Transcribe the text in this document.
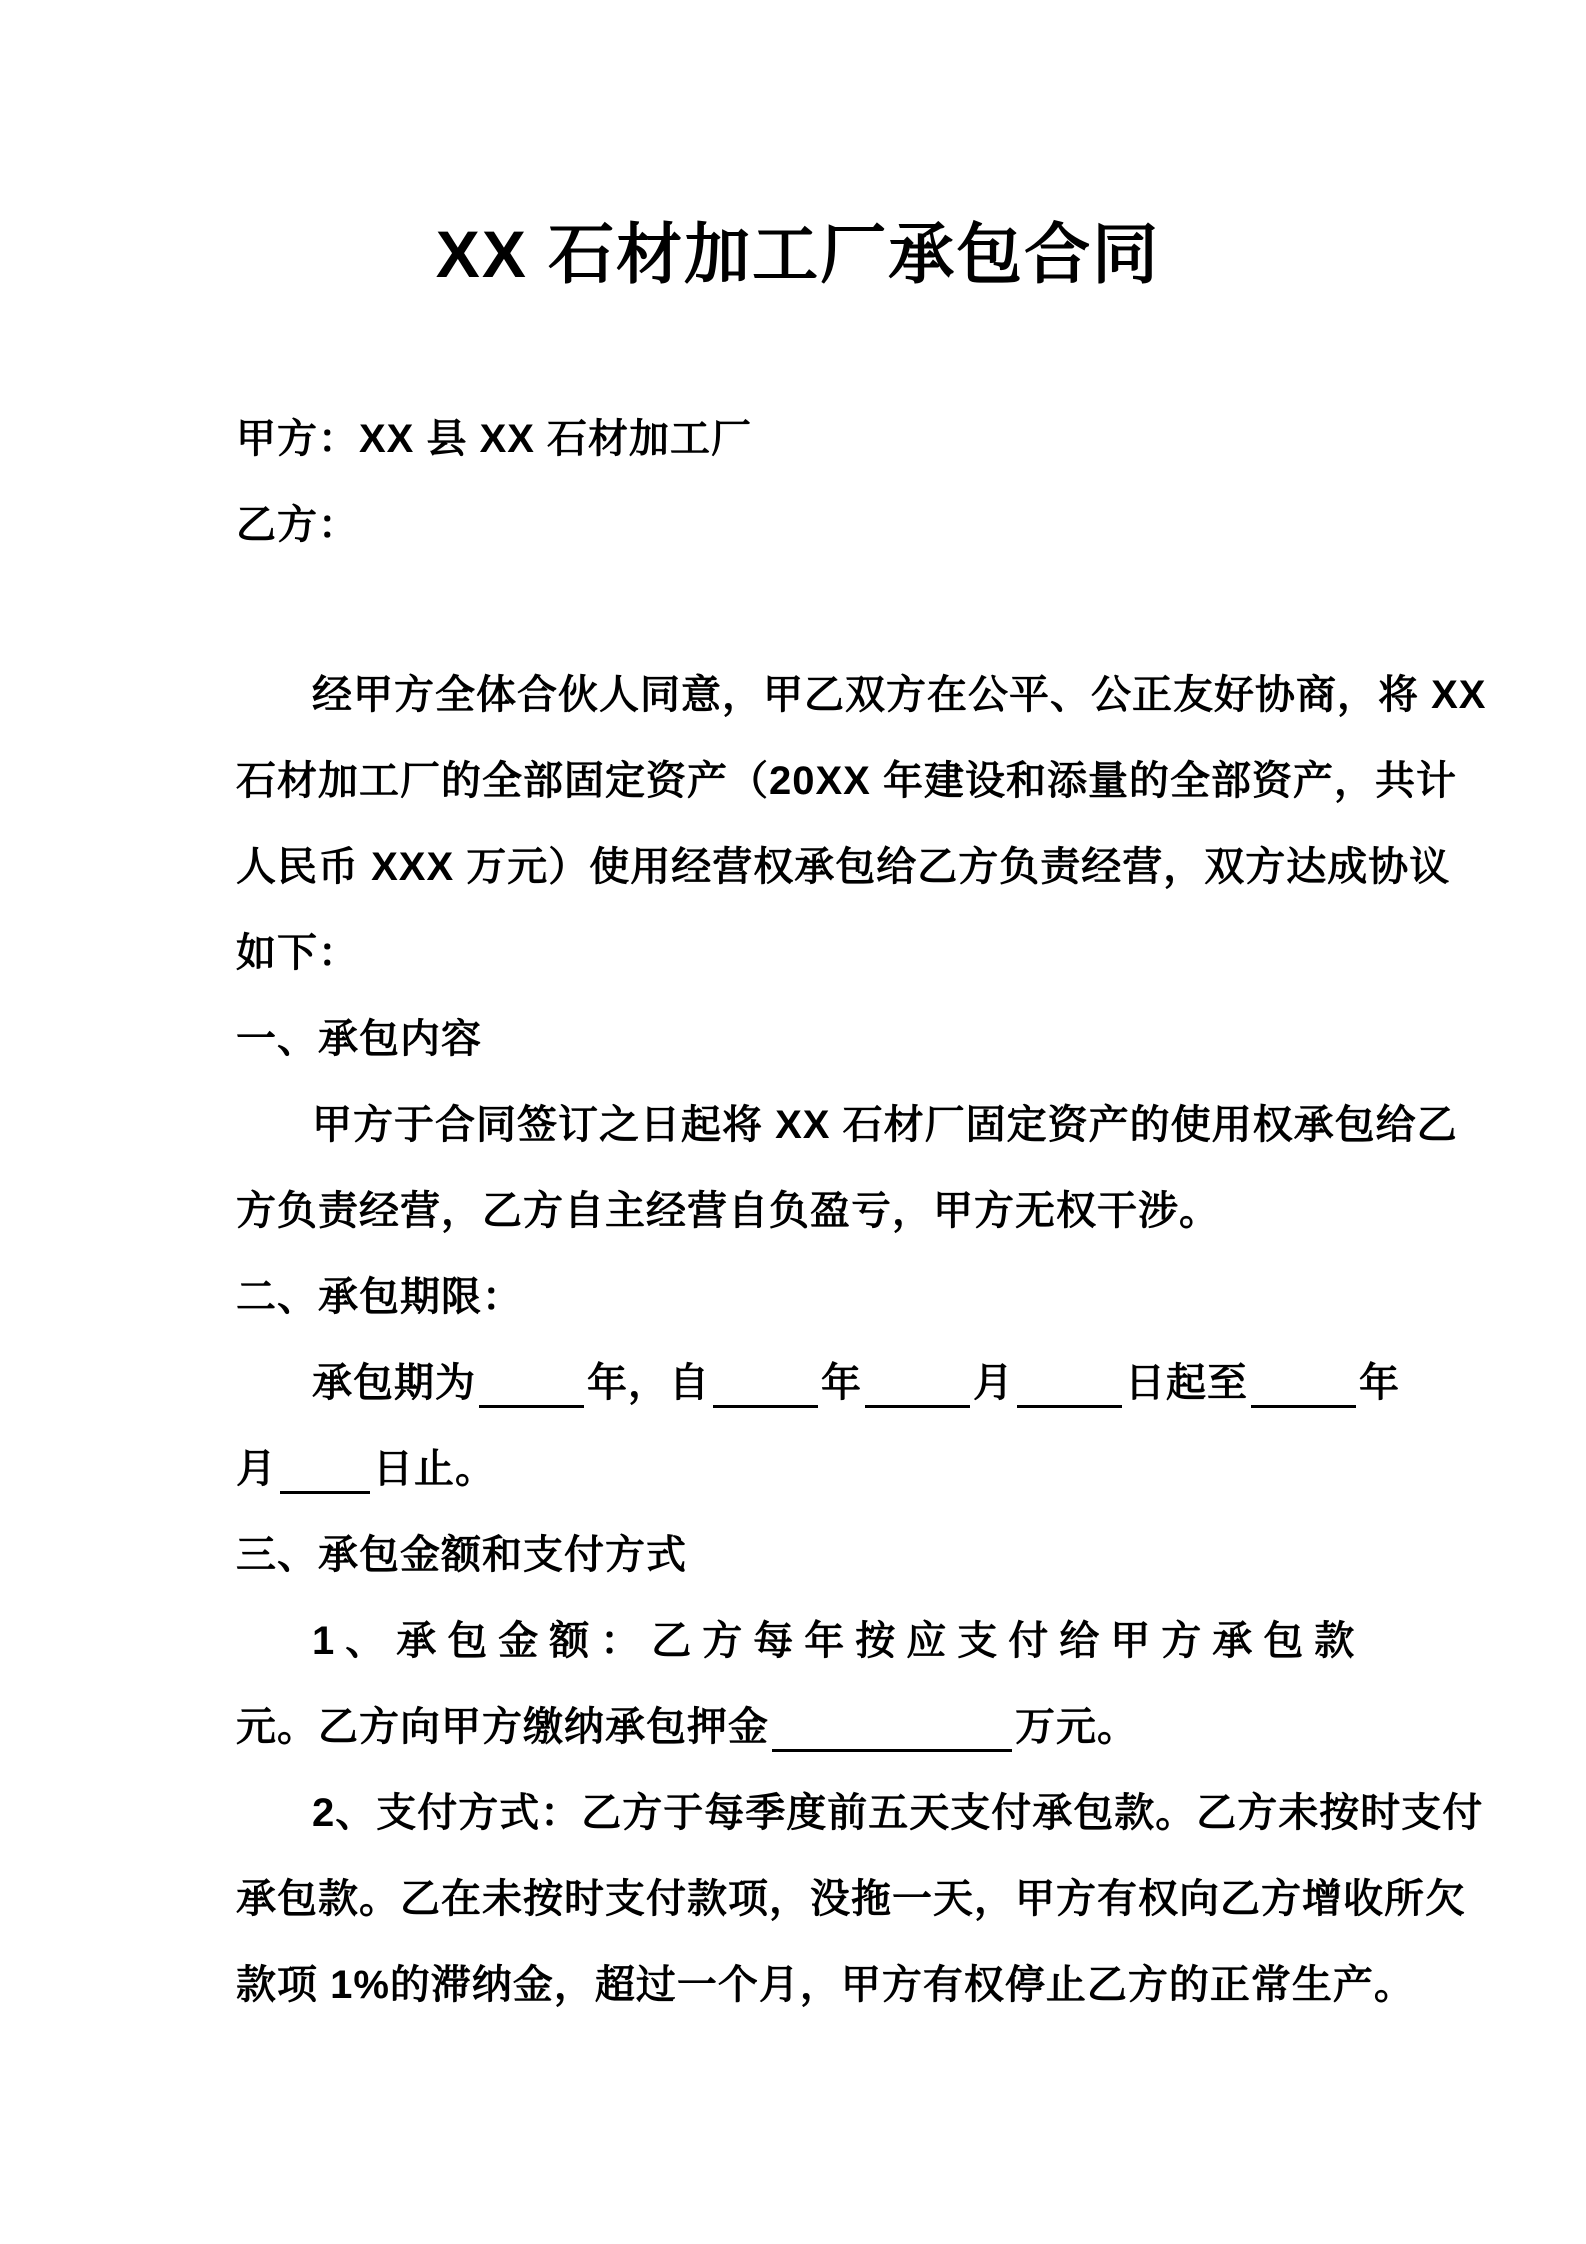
XX 石材加工厂承包合同

甲方：XX 县 XX 石材加工厂

乙方：

经甲方全体合伙人同意，甲乙双方在公平、公正友好协商，将 XX

石材加工厂的全部固定资产（20XX 年建设和添量的全部资产，共计

人民币 XXX 万元）使用经营权承包给乙方负责经营，双方达成协议

如下：

一、承包内容

甲方于合同签订之日起将 XX 石材厂固定资产的使用权承包给乙

方负责经营，乙方自主经营自负盈亏，甲方无权干涉。

二、承包期限：

承包期为	年，自	年	月	日起至	年

月 日止。

三、承包金额和支付方式

1、承包金额：乙方每年按应支付给甲方承包款

元。乙方向甲方缴纳承包押金	万元。

2、支付方式：乙方于每季度前五天支付承包款。乙方未按时支付

承包款。乙在未按时支付款项，没拖一天，甲方有权向乙方增收所欠

款项 1%的滞纳金，超过一个月，甲方有权停止乙方的正常生产。
